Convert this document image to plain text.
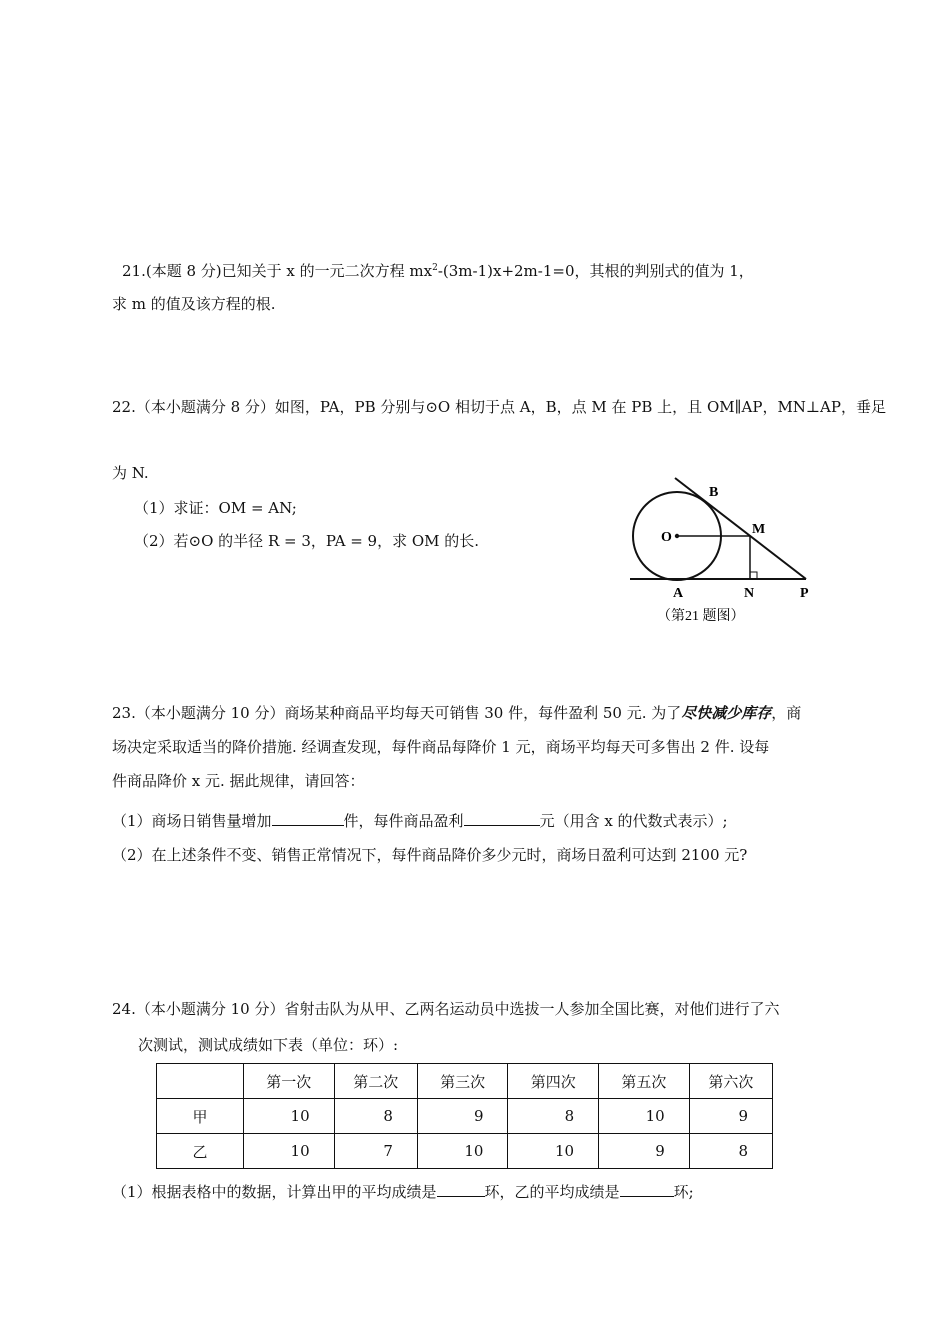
21.(本题 8 分)已知关于 x 的一元二次方程 $mx^2-(3m-1)x+2m-1=0$，其根的判别式的值为 1，
求 m 的值及该方程的根.
22.（本小题满分 8 分）如图，PA，PB 分别与⊙O 相切于点 A，B，点 M 在 PB 上，且 OM∥AP，MN⊥AP，垂足
为 N.
（1）求证：OM = AN;
（2）若⊙O 的半径 R = 3，PA = 9，求 OM 的长.
B
O
M
A	N	P
（第21 题图）
23.（本小题满分 10 分）商场某种商品平均每天可销售 30 件，每件盈利 50 元. 为了尽快减少库存，商
场决定采取适当的降价措施. 经调查发现，每件商品每降价 1 元，商场平均每天可多售出 2 件. 设每
件商品降价 x 元. 据此规律，请回答：
（1）商场日销售量增加	件，每件商品盈利	元（用含 x 的代数式表示）;
（2）在上述条件不变、销售正常情况下，每件商品降价多少元时，商场日盈利可达到 2100 元?
24.（本小题满分 10 分）省射击队为从甲、乙两名运动员中选拔一人参加全国比赛，对他们进行了六
次测试，测试成绩如下表（单位：环）:
	第一次	第二次	第三次	第四次	第五次	第六次
甲	10	8	9	8	10	9
乙	10	7	10	10	9	8
（1）根据表格中的数据，计算出甲的平均成绩是	环，乙的平均成绩是	环;
